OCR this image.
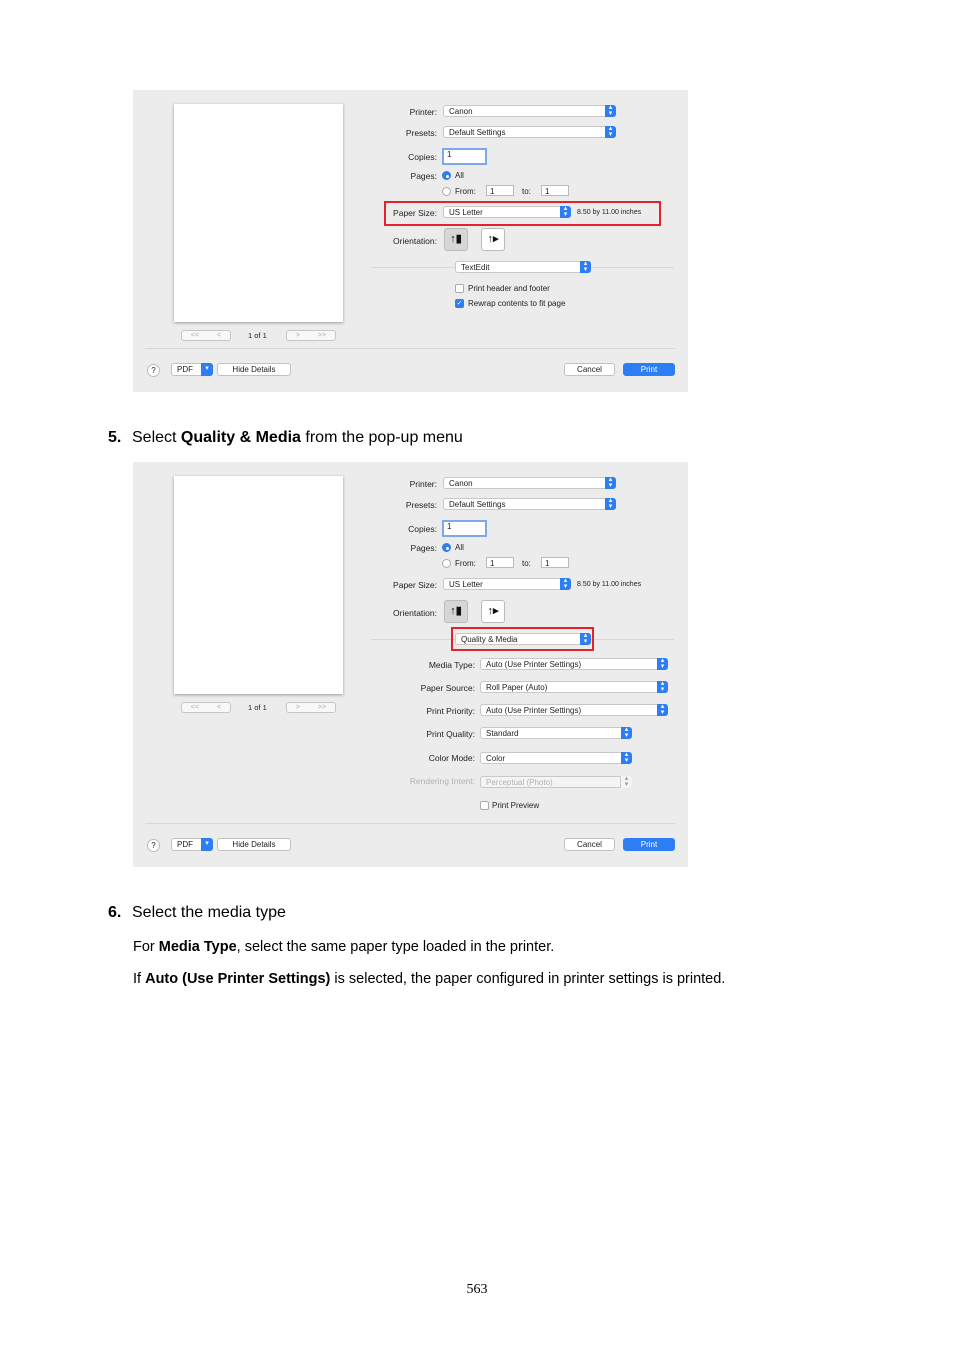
<<	<	1 of 1	>	>>
Printer:	Canon	▴
▾
Presets:	Default Settings	▴
▾
Copies:	1
Pages: All
From:	1	to:	1
Paper Size:	US Letter	▴
▾	8.50 by 11.00 inches
Orientation:	↑▮	↑▸
TextEdit	▴
▾
Print header and footer
✓ Rewrap contents to fit page
?	PDF	▾	Hide Details	Cancel	Print
5. Select Quality & Media from the pop-up menu
<<	<	1 of 1	>	>>
Printer:	Canon	▴
▾
Presets:	Default Settings	▴
▾
Copies:	1
Pages: All
From:	1	to:	1
Paper Size:	US Letter	▴
▾	8.50 by 11.00 inches
Orientation:	↑▮	↑▸
Quality & Media	▴
▾
Media Type:	Auto (Use Printer Settings)	▴
▾
Paper Source:	Roll Paper (Auto)	▴
▾
Print Priority:	Auto (Use Printer Settings)	▴
▾
Print Quality:	Standard	▴
▾
Color Mode:	Color	▴
▾
Rendering Intent:	Perceptual (Photo)	▴
▾
Print Preview
?	PDF	▾	Hide Details	Cancel	Print
6. Select the media type
For Media Type, select the same paper type loaded in the printer.
If Auto (Use Printer Settings) is selected, the paper configured in printer settings is printed.
563
